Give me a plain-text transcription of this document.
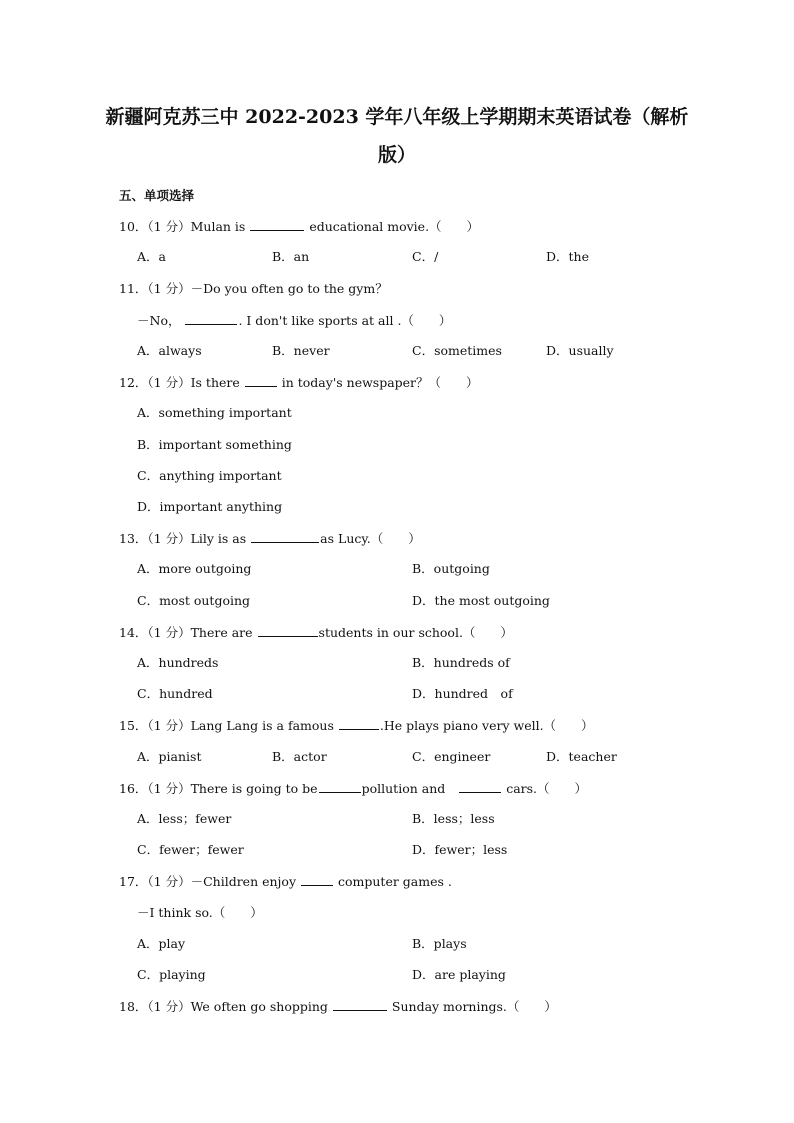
新疆阿克苏三中 2022-2023 学年八年级上学期期末英语试卷（解析版）
五、单项选择
10．（1 分）Mulan is	educational movie.（　　）
A．a	B．an	C．/	D．the
11．（1 分）－Do you often go to the gym？
－No，	. I don't like sports at all .（　　）
A．always	B．never	C．sometimes	D．usually
12．（1 分）Is there	in today's newspaper？（　　）
A．something important
B．important something
C．anything important
D．important anything
13．（1 分）Lily is as	as Lucy.（　　）
A．more outgoing	B．outgoing
C．most outgoing	D．the most outgoing
14．（1 分）There are	students in our school.（　　）
A．hundreds	B．hundreds of
C．hundred	D．hundred　of
15．（1 分）Lang Lang is a famous	.He plays piano very well.（　　）
A．pianist	B．actor	C．engineer	D．teacher
16．（1 分）There is going to be	pollution and	cars.（　　）
A．less；fewer	B．less；less
C．fewer；fewer	D．fewer；less
17．（1 分）－Children enjoy	computer games .
－I think so.（　　）
A．play	B．plays
C．playing	D．are playing
18．（1 分）We often go shopping	Sunday mornings.（　　）
